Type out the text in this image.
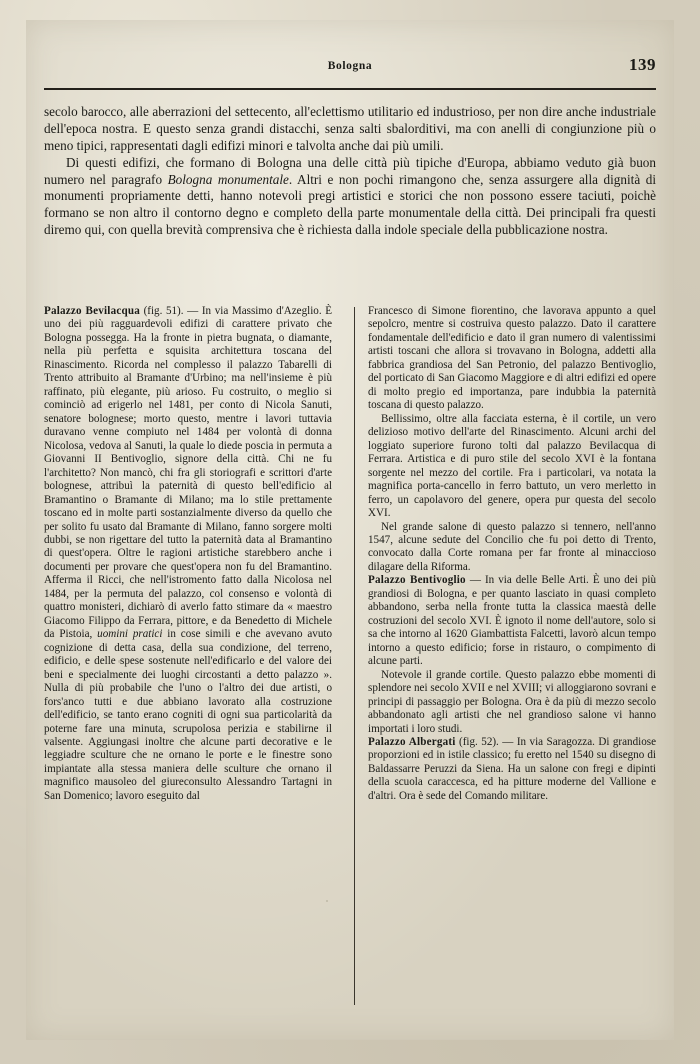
Bologna	139

secolo barocco, alle aberrazioni del settecento, all'eclettismo utilitario ed industrioso, per non dire anche industriale dell'epoca nostra. E questo senza grandi distacchi, senza salti sbalorditivi, ma con anelli di congiunzione più o meno tipici, rappresentati dagli edifizi minori e talvolta anche dai più umili.

Di questi edifizi, che formano di Bologna una delle città più tipiche d'Europa, abbiamo veduto già buon numero nel paragrafo Bologna monumentale. Altri e non pochi rimangono che, senza assurgere alla dignità di monumenti propriamente detti, hanno notevoli pregi artistici e storici che non possono essere taciuti, poichè formano se non altro il contorno degno e completo della parte monumentale della città. Dei principali fra questi diremo qui, con quella brevità comprensiva che è richiesta dalla indole speciale della pubblicazione nostra.

Palazzo Bevilacqua (fig. 51). — In via Massimo d'Azeglio. È uno dei più ragguardevoli edifizi di carattere privato che Bologna possegga. Ha la fronte in pietra bugnata, o diamante, nella più perfetta e squisita architettura toscana del Rinascimento. Ricorda nel complesso il palazzo Tabarelli di Trento attribuito al Bramante d'Urbino; ma nell'insieme è più raffinato, più elegante, più arioso. Fu costruito, o meglio si cominciò ad erigerlo nel 1481, per conto di Nicola Sanuti, senatore bolognese; morto questo, mentre i lavori tuttavia duravano venne compiuto nel 1484 per volontà di donna Nicolosa, vedova al Sanuti, la quale lo diede poscia in permuta a Giovanni II Bentivoglio, signore della città. Chi ne fu l'architetto? Non mancò, chi fra gli storiografi e scrittori d'arte bolognese, attribuì la paternità di questo bell'edificio al Bramantino o Bramante di Milano; ma lo stile prettamente toscano ed in molte parti sostanzialmente diverso da quello che per solito fu usato dal Bramante di Milano, fanno sorgere molti dubbi, se non rigettare del tutto la paternità data al Bramantino di quest'opera. Oltre le ragioni artistiche starebbero anche i documenti per provare che quest'opera non fu del Bramantino. Afferma il Ricci, che nell'istromento fatto dalla Nicolosa nel 1484, per la permuta del palazzo, col consenso e volontà di quattro monisteri, dichiarò di averlo fatto stimare da « maestro Giacomo Filippo da Ferrara, pittore, e da Benedetto di Michele da Pistoia, uomini pratici in cose simili e che avevano avuto cognizione di detta casa, della sua condizione, del terreno, edificio, e delle spese sostenute nell'edificarlo e del valore dei beni e specialmente dei luoghi circostanti a detto palazzo ». Nulla di più probabile che l'uno o l'altro dei due artisti, o fors'anco tutti e due abbiano lavorato alla costruzione dell'edificio, se tanto erano cogniti di ogni sua particolarità da poterne fare una minuta, scrupolosa perizia e stabilirne il valsente. Aggiungasi inoltre che alcune parti decorative e le leggiadre sculture che ne ornano le porte e le finestre sono impiantate alla stessa maniera delle sculture che ornano il magnifico mausoleo del giureconsulto Alessandro Tartagni in San Domenico; lavoro eseguito dal

Francesco di Simone fiorentino, che lavorava appunto a quel sepolcro, mentre si costruiva questo palazzo. Dato il carattere fondamentale dell'edificio e dato il gran numero di valentissimi artisti toscani che allora si trovavano in Bologna, addetti alla fabbrica grandiosa del San Petronio, del palazzo Bentivoglio, del porticato di San Giacomo Maggiore e di altri edifizi ed opere di molto pregio ed importanza, pare indubbia la paternità toscana di questo palazzo.

Bellissimo, oltre alla facciata esterna, è il cortile, un vero delizioso motivo dell'arte del Rinascimento. Alcuni archi del loggiato superiore furono tolti dal palazzo Bevilacqua di Ferrara. Artistica e di puro stile del secolo XVI è la fontana sorgente nel mezzo del cortile. Fra i particolari, va notata la magnifica porta-cancello in ferro battuto, un vero merletto in ferro, un capolavoro del genere, opera pur questa del secolo XVI.

Nel grande salone di questo palazzo si tennero, nell'anno 1547, alcune sedute del Concilio che fu poi detto di Trento, convocato dalla Corte romana per far fronte al minaccioso dilagare della Riforma.

Palazzo Bentivoglio — In via delle Belle Arti. È uno dei più grandiosi di Bologna, e per quanto lasciato in quasi completo abbandono, serba nella fronte tutta la classica maestà delle costruzioni del secolo XVI. È ignoto il nome dell'autore, solo si sa che intorno al 1620 Giambattista Falcetti, lavorò alcun tempo intorno a questo edificio; forse in ristauro, o compimento di alcune parti.

Notevole il grande cortile. Questo palazzo ebbe momenti di splendore nei secolo XVII e nel XVIII; vi alloggiarono sovrani e principi di passaggio per Bologna. Ora è da più di mezzo secolo abbandonato agli artisti che nel grandioso salone vi hanno importati i loro studi.

Palazzo Albergati (fig. 52). — In via Saragozza. Di grandiose proporzioni ed in istile classico; fu eretto nel 1540 su disegno di Baldassarre Peruzzi da Siena. Ha un salone con fregi e dipinti della scuola caraccesca, ed ha pitture moderne del Vallione e d'altri. Ora è sede del Comando militare.
